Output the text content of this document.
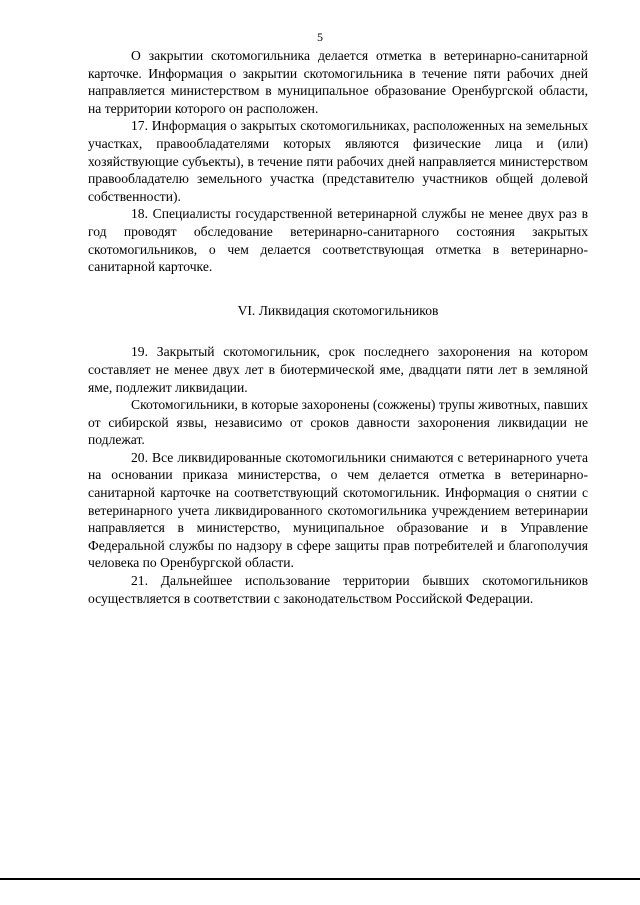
5

О закрытии скотомогильника делается отметка в ветеринарно-санитарной карточке. Информация о закрытии скотомогильника в течение пяти рабочих дней направляется министерством в муниципальное образование Оренбургской области, на территории которого он расположен.

17. Информация о закрытых скотомогильниках, расположенных на земельных участках, правообладателями которых являются физические лица и (или) хозяйствующие субъекты), в течение пяти рабочих дней направляется министерством правообладателю земельного участка (представителю участников общей долевой собственности).

18. Специалисты государственной ветеринарной службы не менее двух раз в год проводят обследование ветеринарно-санитарного состояния закрытых скотомогильников, о чем делается соответствующая отметка в ветеринарно-санитарной карточке.

VI. Ликвидация скотомогильников

19. Закрытый скотомогильник, срок последнего захоронения на котором составляет не менее двух лет в биотермической яме, двадцати пяти лет в земляной яме, подлежит ликвидации.

Скотомогильники, в которые захоронены (сожжены) трупы животных, павших от сибирской язвы, независимо от сроков давности захоронения ликвидации не подлежат.

20. Все ликвидированные скотомогильники снимаются с ветеринарного учета на основании приказа министерства, о чем делается отметка в ветеринарно-санитарной карточке на соответствующий скотомогильник. Информация о снятии с ветеринарного учета ликвидированного скотомогильника учреждением ветеринарии направляется в министерство, муниципальное образование и в Управление Федеральной службы по надзору в сфере защиты прав потребителей и благополучия человека по Оренбургской области.

21. Дальнейшее использование территории бывших скотомогильников осуществляется в соответствии с законодательством Российской Федерации.
